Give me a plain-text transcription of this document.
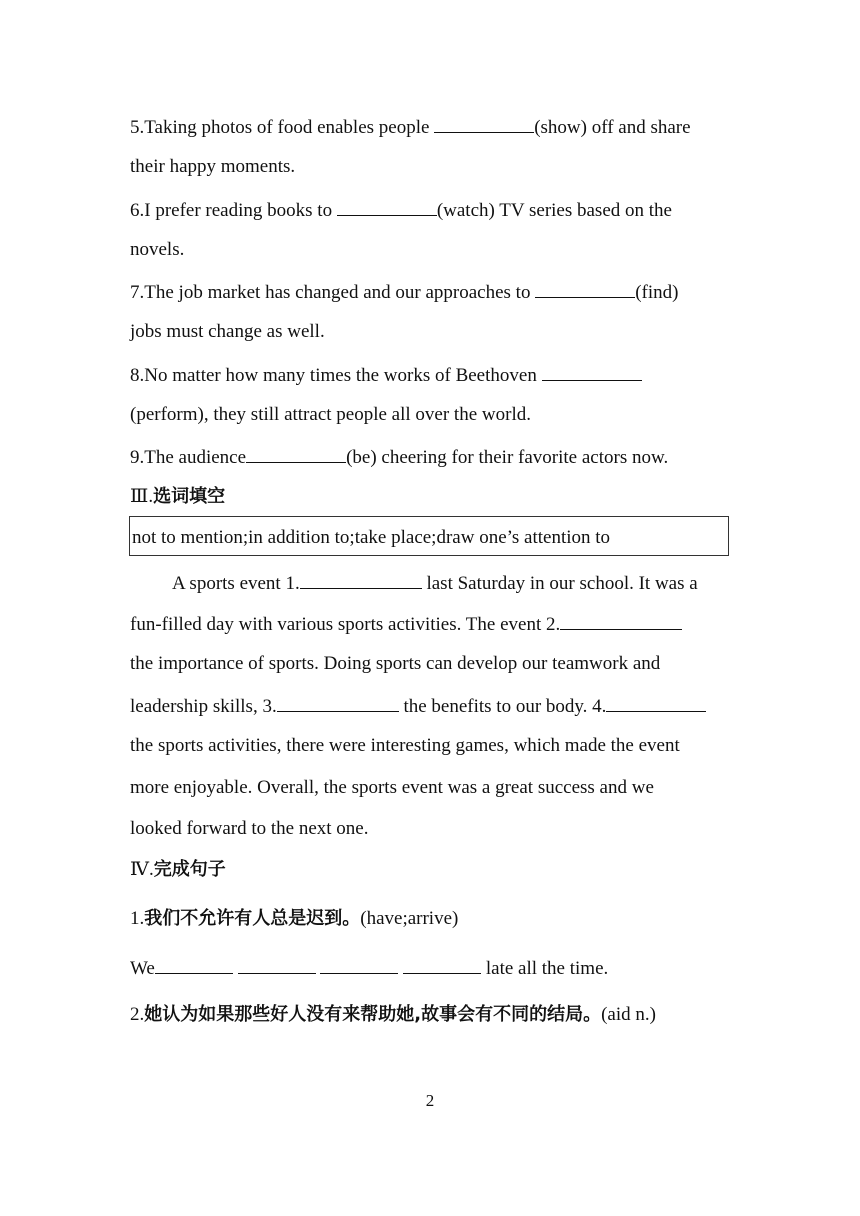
5.Taking photos of food enables people	(show) off and share
their happy moments.
6.I prefer reading books to	(watch) TV series based on the
novels.
7.The job market has changed and our approaches to	(find)
jobs must change as well.
8.No matter how many times the works of Beethoven
(perform), they still attract people all over the world.
9.The audience	(be) cheering for their favorite actors now.
Ⅲ.选词填空
not to mention;in addition to;take place;draw one’s attention to
A sports event 1.	last Saturday in our school. It was a
fun-filled day with various sports activities. The event 2.
the importance of sports. Doing sports can develop our teamwork and
leadership skills, 3.	the benefits to our body. 4.
the sports activities, there were interesting games, which made the event
more enjoyable. Overall, the sports event was a great success and we
looked forward to the next one.
Ⅳ.完成句子
1.我们不允许有人总是迟到。(have;arrive)
We	late all the time.
2.她认为如果那些好人没有来帮助她,故事会有不同的结局。(aid n.)
2
